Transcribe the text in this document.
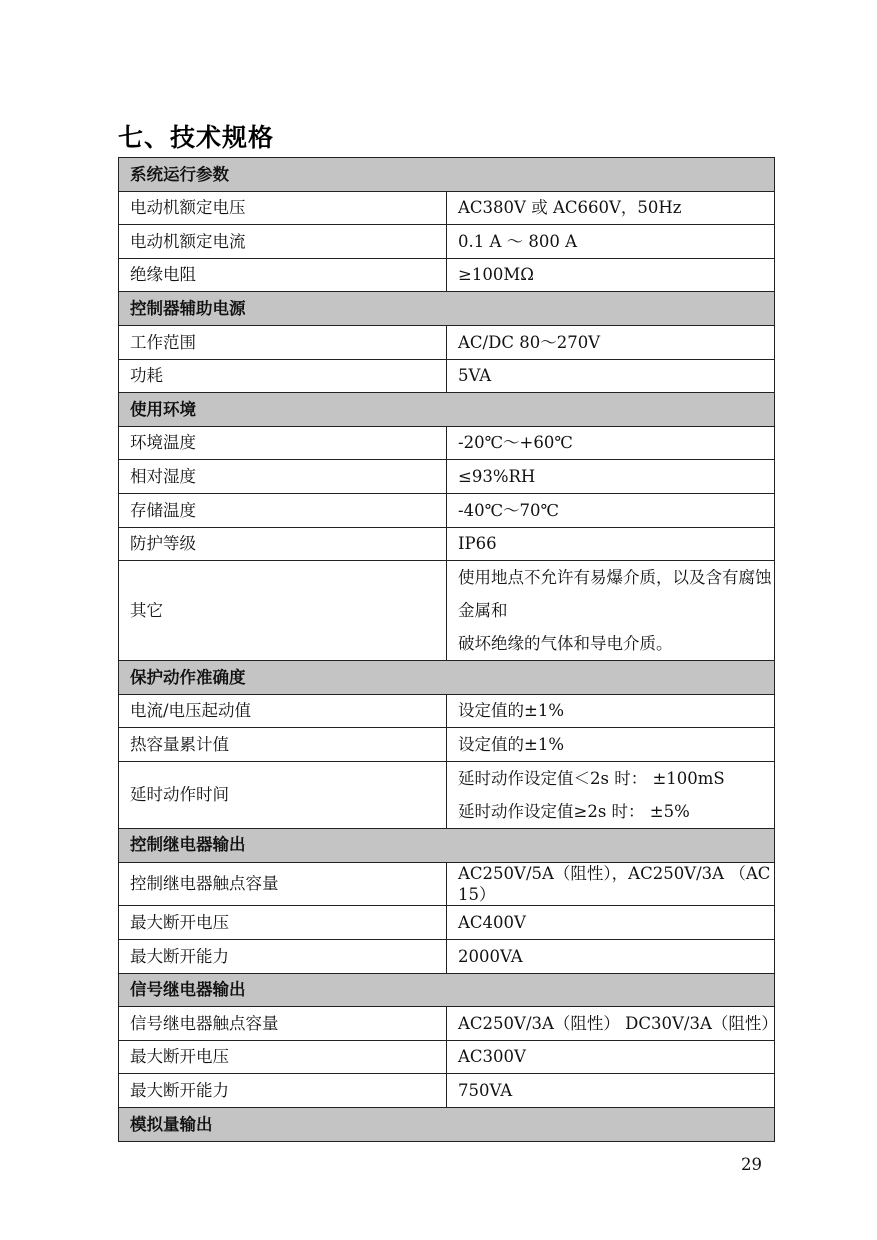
七、技术规格
系统运行参数	
电动机额定电压	AC380V 或 AC660V，50Hz

电动机额定电流	0.1 A ～ 800 A

绝缘电阻	≥100MΩ

控制器辅助电源	
工作范围	AC/DC 80～270V

功耗	5VA

使用环境	
环境温度	-20℃～+60℃

相对湿度	≤93%RH

存储温度	-40℃～70℃

防护等级	IP66

其它	使用地点不允许有易爆介质，以及含有腐蚀金属和
破坏绝缘的气体和导电介质。

保护动作准确度	
电流/电压起动值	设定值的±1%

热容量累计值	设定值的±1%

延时动作时间	延时动作设定值＜2s 时： ±100mS
延时动作设定值≥2s 时： ±5%

控制继电器输出	
控制继电器触点容量	AC250V/5A（阻性），AC250V/3A （AC 15）

最大断开电压	AC400V

最大断开能力	2000VA

信号继电器输出	
信号继电器触点容量	AC250V/3A（阻性） DC30V/3A（阻性）

最大断开电压	AC300V

最大断开能力	750VA

模拟量输出	
29
